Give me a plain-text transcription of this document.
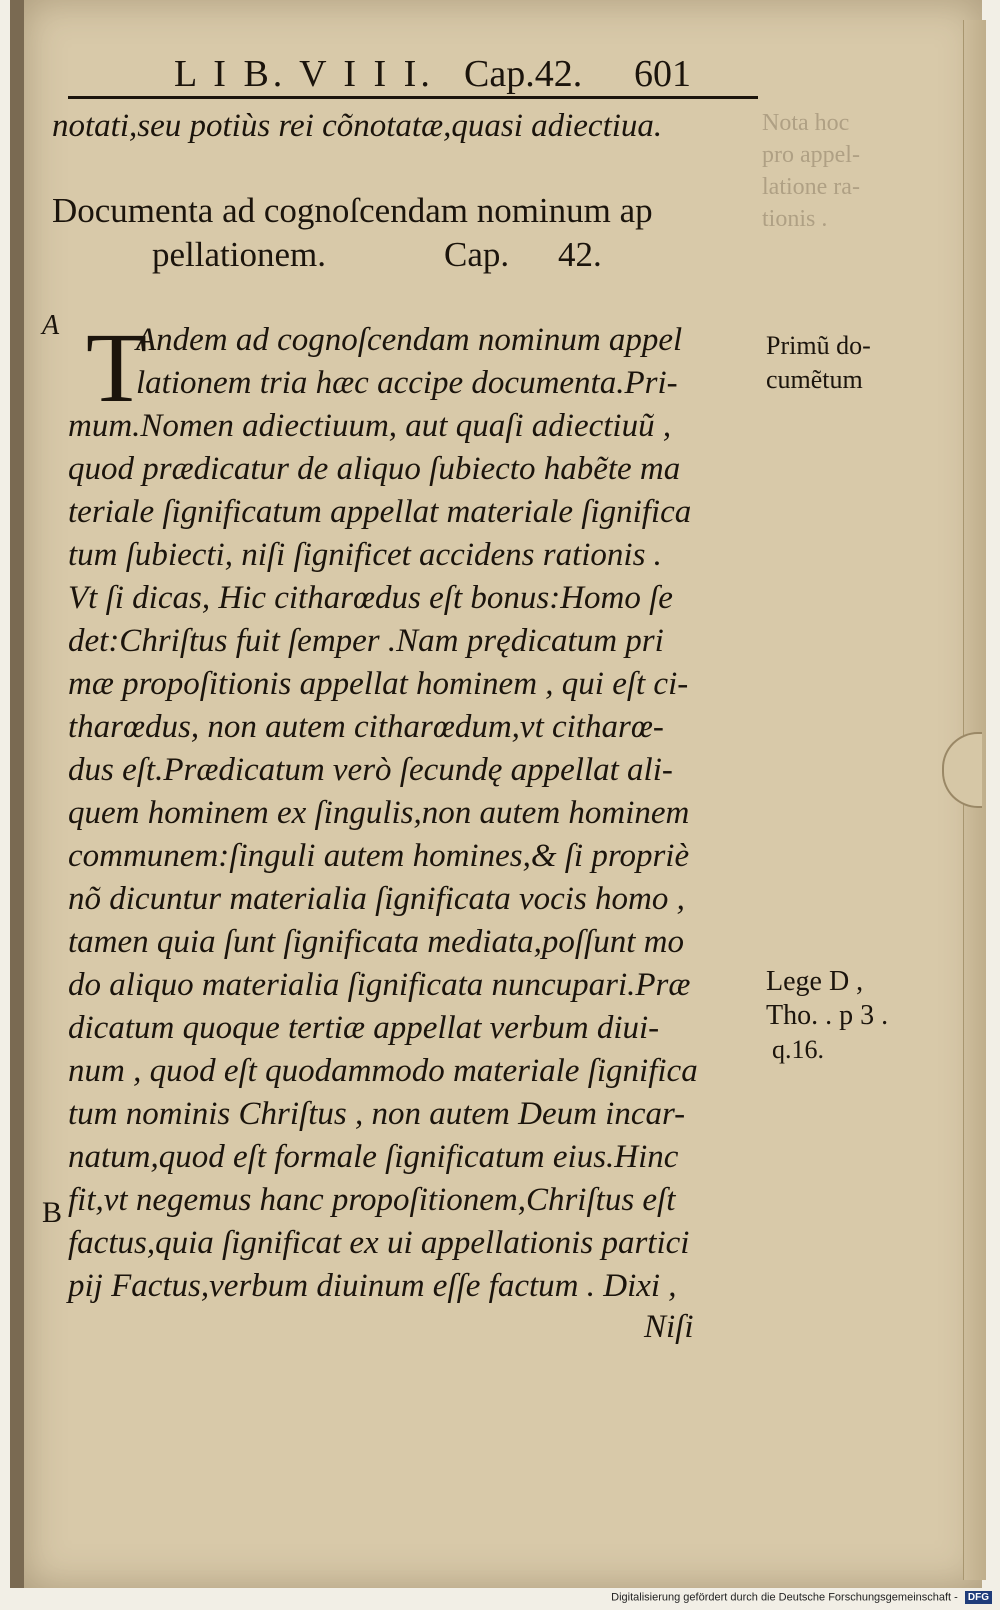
Nota hoc
pro appel-
latione ra-
tionis .
L I B. V I I I. Cap.42. 601
notati,seu potiùs rei cõnotatæ,quasi adiectiua.
Documenta ad cognoſcendam nominum ap
pellationem.	Cap. 42.
A
B
T
Andem ad cognoſcendam nominum appel
lationem tria hæc accipe documenta.Pri-
mum.Nomen adiectiuum, aut quaſi adiectiuũ ,
quod prædicatur de aliquo ſubiecto habẽte ma
teriale ſignificatum appellat materiale ſignifica
tum ſubiecti, niſi ſignificet accidens rationis .
Vt ſi dicas, Hic citharœdus eſt bonus:Homo ſe
det:Chriſtus fuit ſemper .Nam prędicatum pri
mæ propoſitionis appellat hominem , qui eſt ci-
tharœdus, non autem citharœdum,vt citharœ-
dus eſt.Prædicatum verò ſecundę appellat ali-
quem hominem ex ſingulis,non autem hominem
communem:ſinguli autem homines,& ſi propriè
nõ dicuntur materialia ſignificata vocis homo ,
tamen quia ſunt ſignificata mediata,poſſunt mo
do aliquo materialia ſignificata nuncupari.Præ
dicatum quoque tertiæ appellat verbum diui-
num , quod eſt quodammodo materiale ſignifica
tum nominis Chriſtus , non autem Deum incar-
natum,quod eſt formale ſignificatum eius.Hinc
fit,vt negemus hanc propoſitionem,Chriſtus eſt
factus,quia ſignificat ex ui appellationis partici
pij Factus,verbum diuinum eſſe factum . Dixi ,
Niſi
Primũ do-
cumẽtum
Lege D ,
Tho. . p 3 .
q.16.
Digitalisierung gefördert durch die Deutsche Forschungsgemeinschaft - DFG
